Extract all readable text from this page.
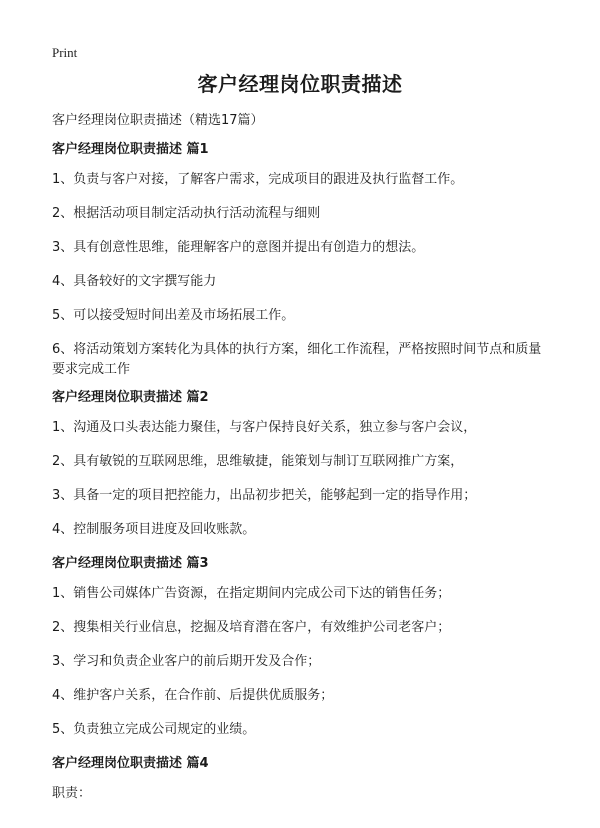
Print
客户经理岗位职责描述
客户经理岗位职责描述（精选17篇）
客户经理岗位职责描述 篇1
1、负责与客户对接，了解客户需求，完成项目的跟进及执行监督工作。
2、根据活动项目制定活动执行活动流程与细则
3、具有创意性思维，能理解客户的意图并提出有创造力的想法。
4、具备较好的文字撰写能力
5、可以接受短时间出差及市场拓展工作。
6、将活动策划方案转化为具体的执行方案，细化工作流程，严格按照时间节点和质量要求完成工作
客户经理岗位职责描述 篇2
1、沟通及口头表达能力聚佳，与客户保持良好关系，独立参与客户会议，
2、具有敏锐的互联网思维，思维敏捷，能策划与制订互联网推广方案，
3、具备一定的项目把控能力，出品初步把关，能够起到一定的指导作用；
4、控制服务项目进度及回收账款。
客户经理岗位职责描述 篇3
1、销售公司媒体广告资源，在指定期间内完成公司下达的销售任务；
2、搜集相关行业信息，挖掘及培育潜在客户，有效维护公司老客户；
3、学习和负责企业客户的前后期开发及合作；
4、维护客户关系，在合作前、后提供优质服务；
5、负责独立完成公司规定的业绩。
客户经理岗位职责描述 篇4
职责：
